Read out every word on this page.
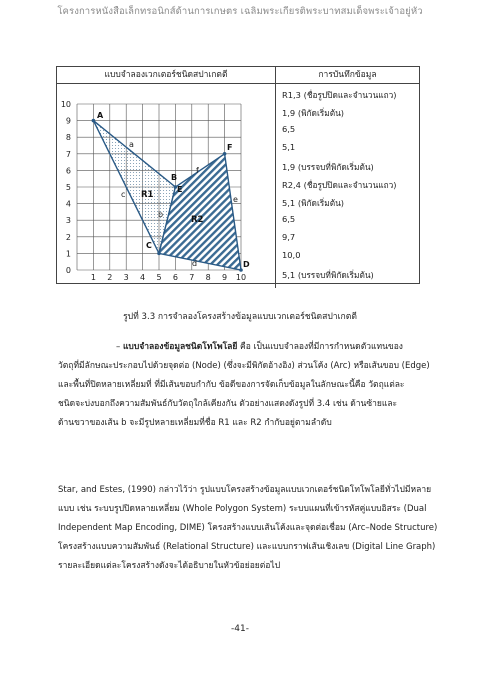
โครงการหนังสือเล็กทรอนิกส์ด้านการเกษตร เฉลิมพระเกียรติพระบาทสมเด็จพระเจ้าอยู่หัว
แบบจำลองเวกเตอร์ชนิดสปาเกตตี	การบันทึกข้อมูล
0
1
2
3
4
5
6
7
8
9
10
1 2 3 4 5 6 7 8 9 10
A
B
C
D
E
F
a
b
c
d
e
f
R1
R2
R1,3 (ชื่อรูปปิดและจำนวนแถว)
1,9 (พิกัดเริ่มต้น)
6,5
5,1
1,9 (บรรจบที่พิกัดเริ่มต้น)
R2,4 (ชื่อรูปปิดและจำนวนแถว)
5,1 (พิกัดเริ่มต้น)
6,5
9,7
10,0
5,1 (บรรจบที่พิกัดเริ่มต้น)
รูปที่ 3.3 การจำลองโครงสร้างข้อมูลแบบเวกเตอร์ชนิดสปาเกตตี
– แบบจำลองข้อมูลชนิดโทโพโลยี คือ เป็นแบบจำลองที่มีการกำหนดตัวแทนของ
วัตถุที่มีลักษณะประกอบไปด้วยจุดต่อ (Node) (ซึ่งจะมีพิกัดอ้างอิง) ส่วนโค้ง (Arc) หรือเส้นขอบ (Edge)
และพื้นที่ปิดหลายเหลี่ยมที่ ที่มีเส้นขอบกำกับ ข้อดีของการจัดเก็บข้อมูลในลักษณะนี้คือ วัตถุแต่ละ
ชนิดจะบ่งบอกถึงความสัมพันธ์กับวัตถุใกล้เคียงกัน ตัวอย่างแสดงดังรูปที่ 3.4 เช่น ด้านซ้ายและ
ด้านขวาของเส้น b จะมีรูปหลายเหลี่ยมที่ชื่อ R1 และ R2 กำกับอยู่ตามลำดับ
Star, and Estes, (1990) กล่าวไว้ว่า รูปแบบโครงสร้างข้อมูลแบบเวกเตอร์ชนิดโทโพโลยีทั่วไปมีหลาย
แบบ เช่น ระบบรูปปิดหลายเหลี่ยม (Whole Polygon System) ระบบแผนที่เข้ารหัสคู่แบบอิสระ (Dual
Independent Map Encoding, DIME) โครงสร้างแบบเส้นโค้งและจุดต่อเชื่อม (Arc–Node Structure)
โครงสร้างแบบความสัมพันธ์ (Relational Structure) และแบบกราฟเส้นเชิงเลข (Digital Line Graph)
รายละเอียดแต่ละโครงสร้างดังจะได้อธิบายในหัวข้อย่อยต่อไป
-41-
